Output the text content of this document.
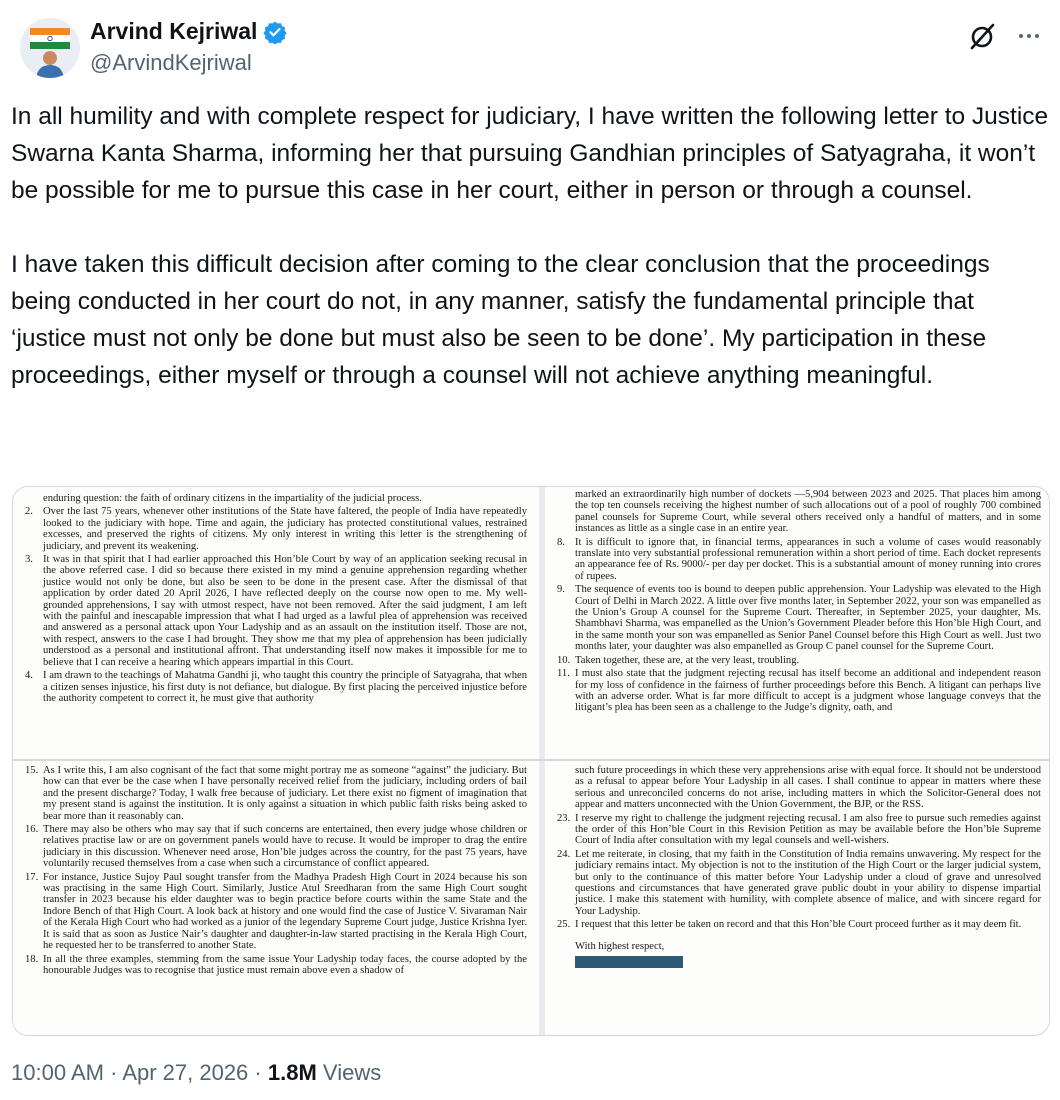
Arvind Kejriwal
@ArvindKejriwal

In all humility and with complete respect for judiciary, I have written the following letter to Justice Swarna Kanta Sharma, informing her that pursuing Gandhian principles of Satyagraha, it won’t be possible for me to pursue this case in her court, either in person or through a counsel.

I have taken this difficult decision after coming to the clear conclusion that the proceedings being conducted in her court do not, in any manner, satisfy the fundamental principle that ‘justice must not only be done but must also be seen to be done’. My participation in these proceedings, either myself or through a counsel will not achieve anything meaningful.

enduring question: the faith of ordinary citizens in the impartiality of the judicial process.
2. Over the last 75 years, whenever other institutions of the State have faltered, the people of India have repeatedly looked to the judiciary with hope. Time and again, the judiciary has protected constitutional values, restrained excesses, and preserved the rights of citizens. My only interest in writing this letter is the strengthening of judiciary, and prevent its weakening.
3. It was in that spirit that I had earlier approached this Hon’ble Court by way of an application seeking recusal in the above referred case. I did so because there existed in my mind a genuine apprehension regarding whether justice would not only be done, but also be seen to be done in the present case. After the dismissal of that application by order dated 20 April 2026, I have reflected deeply on the course now open to me. My well-grounded apprehensions, I say with utmost respect, have not been removed. After the said judgment, I am left with the painful and inescapable impression that what I had urged as a lawful plea of apprehension was received and answered as a personal attack upon Your Ladyship and as an assault on the institution itself. Those are not, with respect, answers to the case I had brought. They show me that my plea of apprehension has been judicially understood as a personal and institutional affront. That understanding itself now makes it impossible for me to believe that I can receive a hearing which appears impartial in this Court.
4. I am drawn to the teachings of Mahatma Gandhi ji, who taught this country the principle of Satyagraha, that when a citizen senses injustice, his first duty is not defiance, but dialogue. By first placing the perceived injustice before the authority competent to correct it, he must give that authority
marked an extraordinarily high number of dockets —5,904 between 2023 and 2025. That places him among the top ten counsels receiving the highest number of such allocations out of a pool of roughly 700 combined panel counsels for Supreme Court, while several others received only a handful of matters, and in some instances as little as a single case in an entire year.
8. It is difficult to ignore that, in financial terms, appearances in such a volume of cases would reasonably translate into very substantial professional remuneration within a short period of time. Each docket represents an appearance fee of Rs. 9000/- per day per docket. This is a substantial amount of money running into crores of rupees.
9. The sequence of events too is bound to deepen public apprehension. Your Ladyship was elevated to the High Court of Delhi in March 2022. A little over five months later, in September 2022, your son was empanelled as the Union’s Group A counsel for the Supreme Court. Thereafter, in September 2025, your daughter, Ms. Shambhavi Sharma, was empanelled as the Union’s Government Pleader before this Hon’ble High Court, and in the same month your son was empanelled as Senior Panel Counsel before this High Court as well. Just two months later, your daughter was also empanelled as Group C panel counsel for the Supreme Court.
10. Taken together, these are, at the very least, troubling.
11. I must also state that the judgment rejecting recusal has itself become an additional and independent reason for my loss of confidence in the fairness of further proceedings before this Bench. A litigant can perhaps live with an adverse order. What is far more difficult to accept is a judgment whose language conveys that the litigant’s plea has been seen as a challenge to the Judge’s dignity, oath, and
15. As I write this, I am also cognisant of the fact that some might portray me as someone “against” the judiciary. But how can that ever be the case when I have personally received relief from the judiciary, including orders of bail and the present discharge? Today, I walk free because of judiciary. Let there exist no figment of imagination that my present stand is against the institution. It is only against a situation in which public faith risks being asked to bear more than it reasonably can.
16. There may also be others who may say that if such concerns are entertained, then every judge whose children or relatives practise law or are on government panels would have to recuse. It would be improper to drag the entire judiciary in this discussion. Whenever need arose, Hon’ble judges across the country, for the past 75 years, have voluntarily recused themselves from a case when such a circumstance of conflict appeared.
17. For instance, Justice Sujoy Paul sought transfer from the Madhya Pradesh High Court in 2024 because his son was practising in the same High Court. Similarly, Justice Atul Sreedharan from the same High Court sought transfer in 2023 because his elder daughter was to begin practice before courts within the same State and the Indore Bench of that High Court. A look back at history and one would find the case of Justice V. Sivaraman Nair of the Kerala High Court who had worked as a junior of the legendary Supreme Court judge, Justice Krishna Iyer. It is said that as soon as Justice Nair’s daughter and daughter-in-law started practising in the Kerala High Court, he requested her to be transferred to another State.
18. In all the three examples, stemming from the same issue Your Ladyship today faces, the course adopted by the honourable Judges was to recognise that justice must remain above even a shadow of
such future proceedings in which these very apprehensions arise with equal force. It should not be understood as a refusal to appear before Your Ladyship in all cases. I shall continue to appear in matters where these serious and unreconciled concerns do not arise, including matters in which the Solicitor-General does not appear and matters unconnected with the Union Government, the BJP, or the RSS.
23. I reserve my right to challenge the judgment rejecting recusal. I am also free to pursue such remedies against the order of this Hon’ble Court in this Revision Petition as may be available before the Hon’ble Supreme Court of India after consultation with my legal counsels and well-wishers.
24. Let me reiterate, in closing, that my faith in the Constitution of India remains unwavering. My respect for the judiciary remains intact. My objection is not to the institution of the High Court or the larger judicial system, but only to the continuance of this matter before Your Ladyship under a cloud of grave and unresolved questions and circumstances that have generated grave public doubt in your ability to dispense impartial justice. I make this statement with humility, with complete absence of malice, and with sincere regard for Your Ladyship.
25. I request that this letter be taken on record and that this Hon’ble Court proceed further as it may deem fit.
With highest respect,
10:00 AM · Apr 27, 2026 · 1.8M Views
